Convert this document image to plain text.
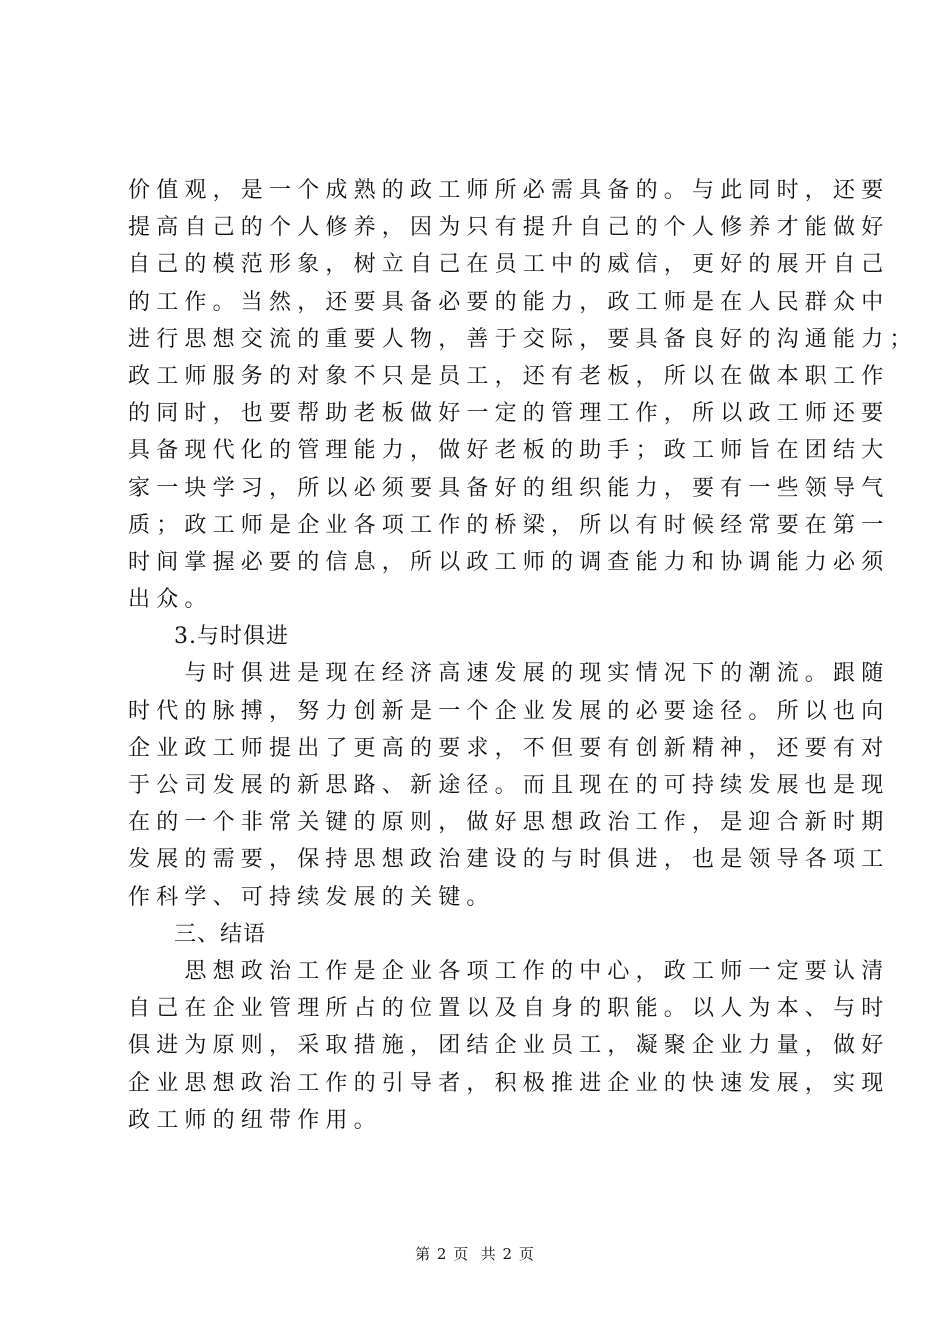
价值观，是一个成熟的政工师所必需具备的。与此同时，还要
提高自己的个人修养，因为只有提升自己的个人修养才能做好
自己的模范形象，树立自己在员工中的威信，更好的展开自己
的工作。当然，还要具备必要的能力，政工师是在人民群众中
进行思想交流的重要人物，善于交际，要具备良好的沟通能力；
政工师服务的对象不只是员工，还有老板，所以在做本职工作
的同时，也要帮助老板做好一定的管理工作，所以政工师还要
具备现代化的管理能力，做好老板的助手；政工师旨在团结大
家一块学习，所以必须要具备好的组织能力，要有一些领导气
质；政工师是企业各项工作的桥梁，所以有时候经常要在第一
时间掌握必要的信息，所以政工师的调查能力和协调能力必须
出众。
　　3.与时俱进
　　与时俱进是现在经济高速发展的现实情况下的潮流。跟随
时代的脉搏，努力创新是一个企业发展的必要途径。所以也向
企业政工师提出了更高的要求，不但要有创新精神，还要有对
于公司发展的新思路、新途径。而且现在的可持续发展也是现
在的一个非常关键的原则，做好思想政治工作，是迎合新时期
发展的需要，保持思想政治建设的与时俱进，也是领导各项工
作科学、可持续发展的关键。
　　三、结语
　　思想政治工作是企业各项工作的中心，政工师一定要认清
自己在企业管理所占的位置以及自身的职能。以人为本、与时
俱进为原则，采取措施，团结企业员工，凝聚企业力量，做好
企业思想政治工作的引导者，积极推进企业的快速发展，实现
政工师的纽带作用。
第 2 页  共 2 页
